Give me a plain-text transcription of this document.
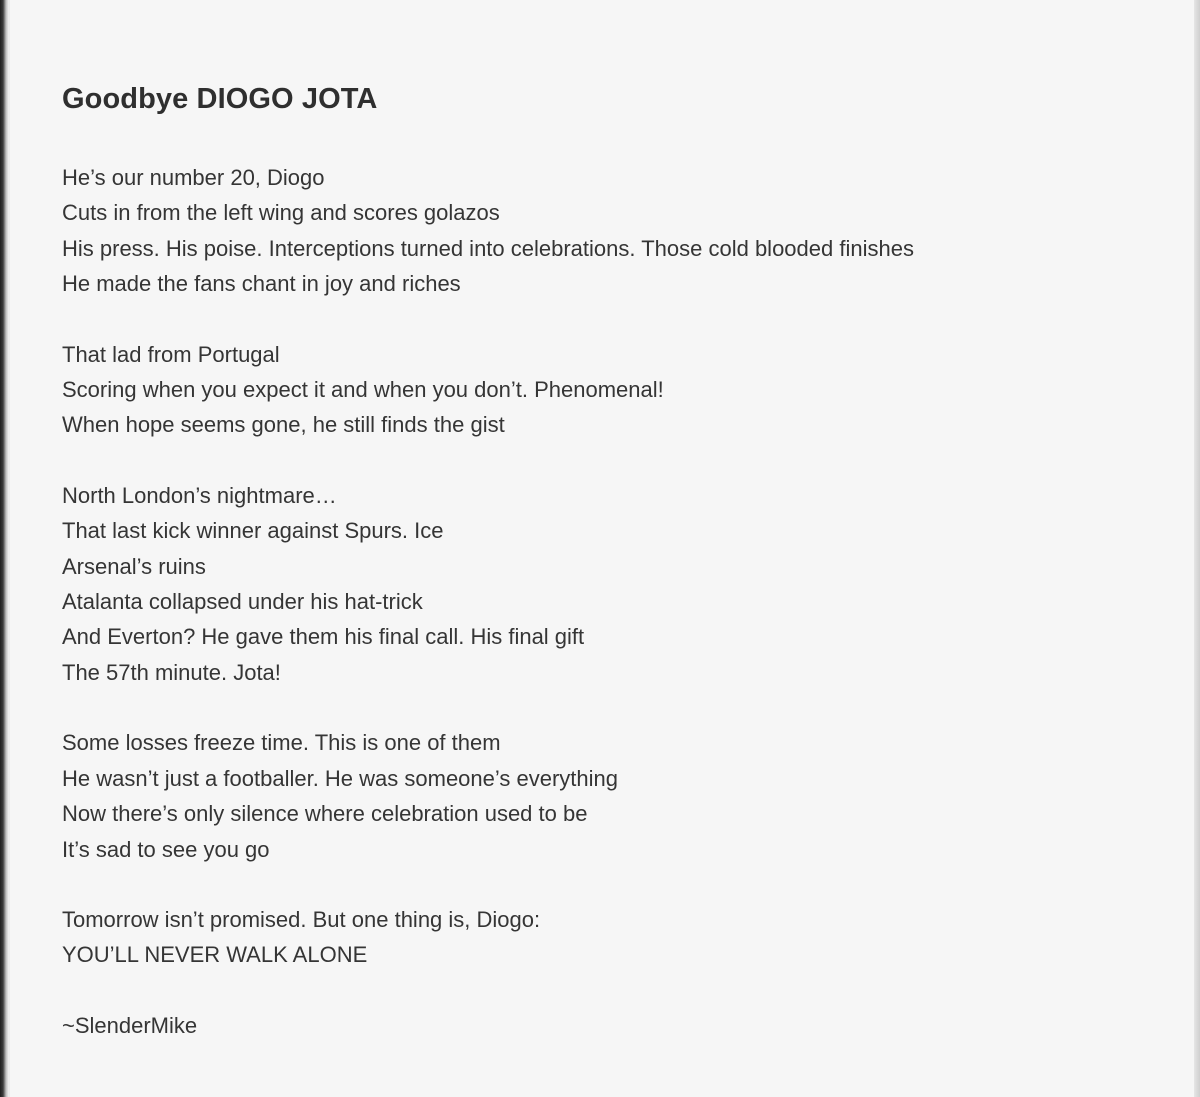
Goodbye DIOGO JOTA
He’s our number 20, Diogo
Cuts in from the left wing and scores golazos
His press. His poise. Interceptions turned into celebrations. Those cold blooded finishes
He made the fans chant in joy and riches
That lad from Portugal
Scoring when you expect it and when you don’t. Phenomenal!
When hope seems gone, he still finds the gist
North London’s nightmare…
That last kick winner against Spurs. Ice
Arsenal’s ruins
Atalanta collapsed under his hat-trick
And Everton? He gave them his final call. His final gift
The 57th minute. Jota!
Some losses freeze time. This is one of them
He wasn’t just a footballer. He was someone’s everything
Now there’s only silence where celebration used to be
It’s sad to see you go
Tomorrow isn’t promised. But one thing is, Diogo:
YOU’LL NEVER WALK ALONE
~SlenderMike
